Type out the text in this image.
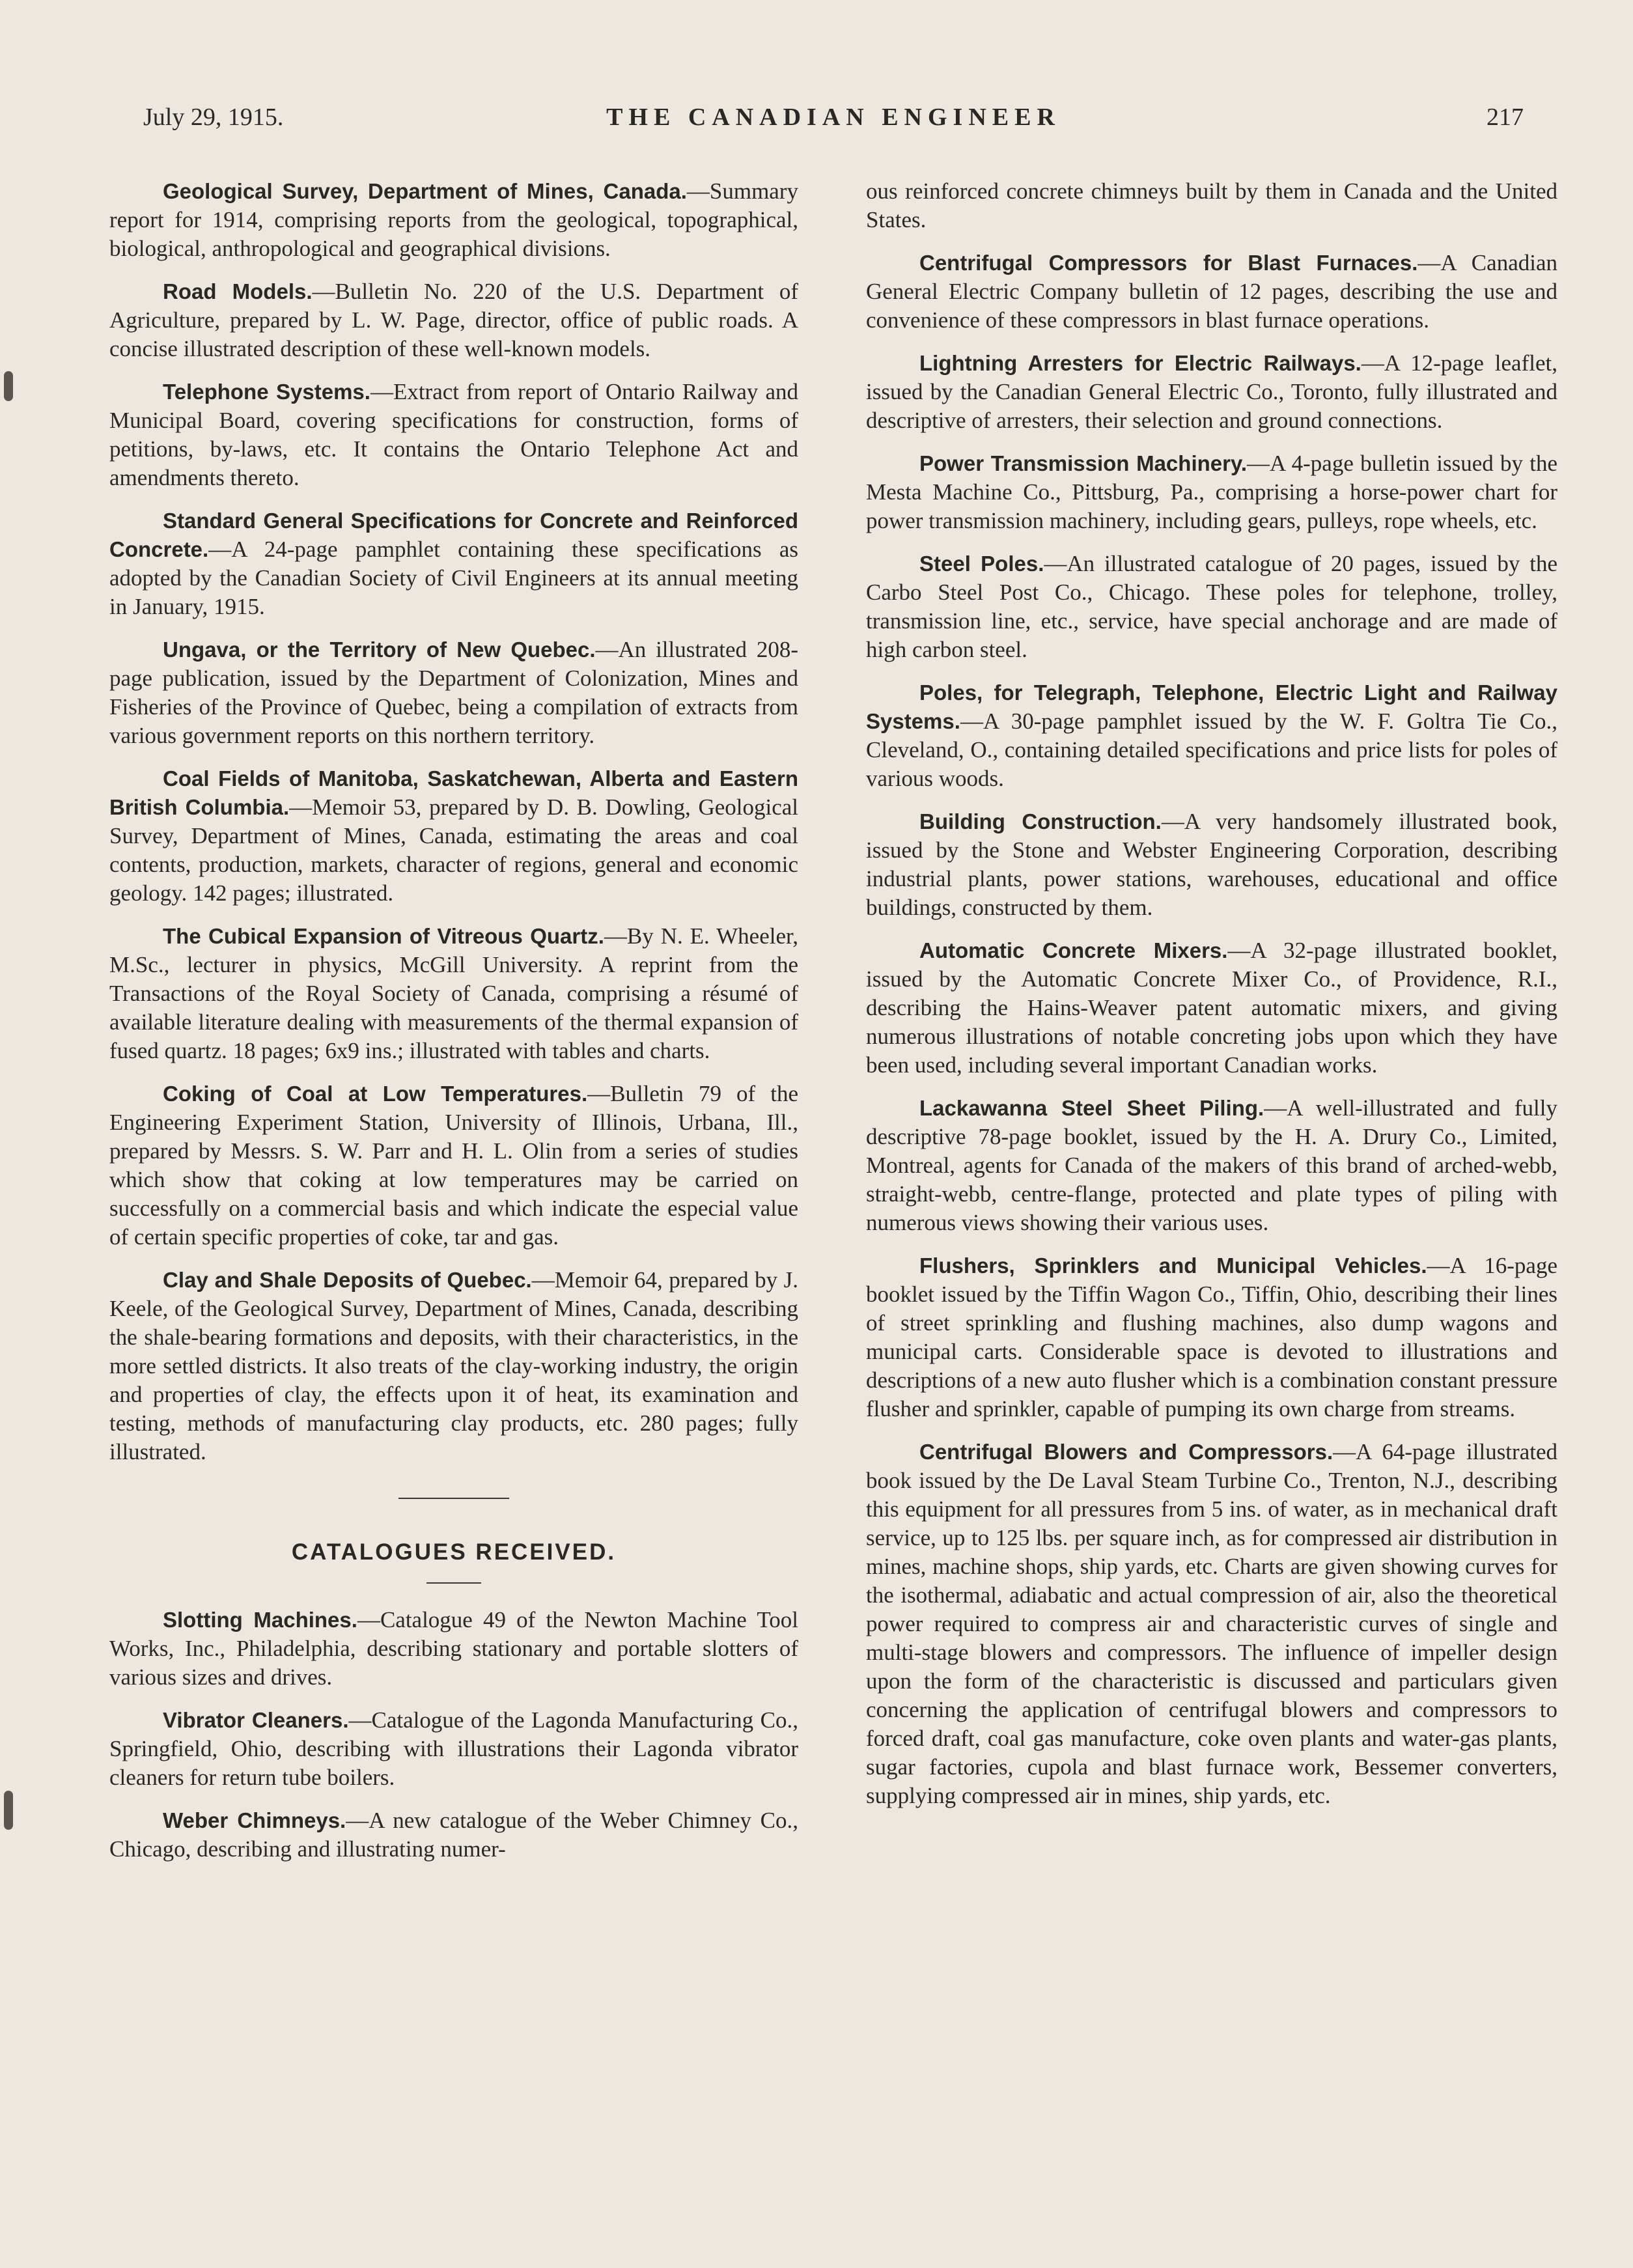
July 29, 1915.	THE CANADIAN ENGINEER	217

Geological Survey, Department of Mines, Canada.—Summary report for 1914, comprising reports from the geological, topographical, biological, anthropological and geographical divisions.

Road Models.—Bulletin No. 220 of the U.S. Department of Agriculture, prepared by L. W. Page, director, office of public roads. A concise illustrated description of these well-known models.

Telephone Systems.—Extract from report of Ontario Railway and Municipal Board, covering specifications for construction, forms of petitions, by-laws, etc. It contains the Ontario Telephone Act and amendments thereto.

Standard General Specifications for Concrete and Reinforced Concrete.—A 24-page pamphlet containing these specifications as adopted by the Canadian Society of Civil Engineers at its annual meeting in January, 1915.

Ungava, or the Territory of New Quebec.—An illustrated 208-page publication, issued by the Department of Colonization, Mines and Fisheries of the Province of Quebec, being a compilation of extracts from various government reports on this northern territory.

Coal Fields of Manitoba, Saskatchewan, Alberta and Eastern British Columbia.—Memoir 53, prepared by D. B. Dowling, Geological Survey, Department of Mines, Canada, estimating the areas and coal contents, production, markets, character of regions, general and economic geology. 142 pages; illustrated.

The Cubical Expansion of Vitreous Quartz.—By N. E. Wheeler, M.Sc., lecturer in physics, McGill University. A reprint from the Transactions of the Royal Society of Canada, comprising a résumé of available literature dealing with measurements of the thermal expansion of fused quartz. 18 pages; 6x9 ins.; illustrated with tables and charts.

Coking of Coal at Low Temperatures.—Bulletin 79 of the Engineering Experiment Station, University of Illinois, Urbana, Ill., prepared by Messrs. S. W. Parr and H. L. Olin from a series of studies which show that coking at low temperatures may be carried on successfully on a commercial basis and which indicate the especial value of certain specific properties of coke, tar and gas.

Clay and Shale Deposits of Quebec.—Memoir 64, prepared by J. Keele, of the Geological Survey, Department of Mines, Canada, describing the shale-bearing formations and deposits, with their characteristics, in the more settled districts. It also treats of the clay-working industry, the origin and properties of clay, the effects upon it of heat, its examination and testing, methods of manufacturing clay products, etc. 280 pages; fully illustrated.

CATALOGUES RECEIVED.

Slotting Machines.—Catalogue 49 of the Newton Machine Tool Works, Inc., Philadelphia, describing stationary and portable slotters of various sizes and drives.

Vibrator Cleaners.—Catalogue of the Lagonda Manufacturing Co., Springfield, Ohio, describing with illustrations their Lagonda vibrator cleaners for return tube boilers.

Weber Chimneys.—A new catalogue of the Weber Chimney Co., Chicago, describing and illustrating numer-

ous reinforced concrete chimneys built by them in Canada and the United States.

Centrifugal Compressors for Blast Furnaces.—A Canadian General Electric Company bulletin of 12 pages, describing the use and convenience of these compressors in blast furnace operations.

Lightning Arresters for Electric Railways.—A 12-page leaflet, issued by the Canadian General Electric Co., Toronto, fully illustrated and descriptive of arresters, their selection and ground connections.

Power Transmission Machinery.—A 4-page bulletin issued by the Mesta Machine Co., Pittsburg, Pa., comprising a horse-power chart for power transmission machinery, including gears, pulleys, rope wheels, etc.

Steel Poles.—An illustrated catalogue of 20 pages, issued by the Carbo Steel Post Co., Chicago. These poles for telephone, trolley, transmission line, etc., service, have special anchorage and are made of high carbon steel.

Poles, for Telegraph, Telephone, Electric Light and Railway Systems.—A 30-page pamphlet issued by the W. F. Goltra Tie Co., Cleveland, O., containing detailed specifications and price lists for poles of various woods.

Building Construction.—A very handsomely illustrated book, issued by the Stone and Webster Engineering Corporation, describing industrial plants, power stations, warehouses, educational and office buildings, constructed by them.

Automatic Concrete Mixers.—A 32-page illustrated booklet, issued by the Automatic Concrete Mixer Co., of Providence, R.I., describing the Hains-Weaver patent automatic mixers, and giving numerous illustrations of notable concreting jobs upon which they have been used, including several important Canadian works.

Lackawanna Steel Sheet Piling.—A well-illustrated and fully descriptive 78-page booklet, issued by the H. A. Drury Co., Limited, Montreal, agents for Canada of the makers of this brand of arched-webb, straight-webb, centre-flange, protected and plate types of piling with numerous views showing their various uses.

Flushers, Sprinklers and Municipal Vehicles.—A 16-page booklet issued by the Tiffin Wagon Co., Tiffin, Ohio, describing their lines of street sprinkling and flushing machines, also dump wagons and municipal carts. Considerable space is devoted to illustrations and descriptions of a new auto flusher which is a combination constant pressure flusher and sprinkler, capable of pumping its own charge from streams.

Centrifugal Blowers and Compressors.—A 64-page illustrated book issued by the De Laval Steam Turbine Co., Trenton, N.J., describing this equipment for all pressures from 5 ins. of water, as in mechanical draft service, up to 125 lbs. per square inch, as for compressed air distribution in mines, machine shops, ship yards, etc. Charts are given showing curves for the isothermal, adiabatic and actual compression of air, also the theoretical power required to compress air and characteristic curves of single and multi-stage blowers and compressors. The influence of impeller design upon the form of the characteristic is discussed and particulars given concerning the application of centrifugal blowers and compressors to forced draft, coal gas manufacture, coke oven plants and water-gas plants, sugar factories, cupola and blast furnace work, Bessemer converters, supplying compressed air in mines, ship yards, etc.
